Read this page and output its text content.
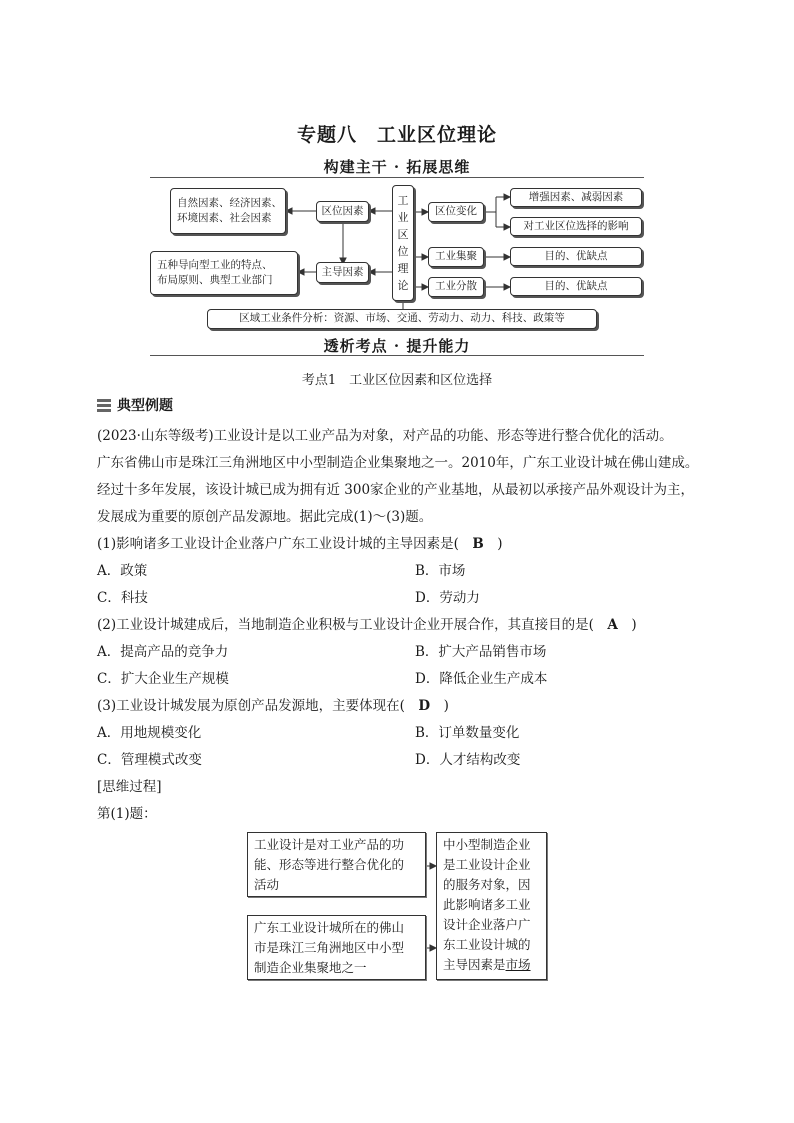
专题八　工业区位理论
构建主干 · 拓展思维
自然因素、经济因素、
环境因素、社会因素
区位因素
五种导向型工业的特点、
布局原则、典型工业部门
主导因素
工
业
区
位
理
论
区位变化
增强因素、减弱因素
对工业区位选择的影响
工业集聚	目的、优缺点
工业分散	目的、优缺点
区域工业条件分析：资源、市场、交通、劳动力、动力、科技、政策等
透析考点 · 提升能力
考点1　工业区位因素和区位选择
典型例题
(2023·山东等级考)工业设计是以工业产品为对象，对产品的功能、形态等进行整合优化的活动。
广东省佛山市是珠江三角洲地区中小型制造企业集聚地之一。2010年，广东工业设计城在佛山建成。
经过十多年发展，该设计城已成为拥有近 300家企业的产业基地，从最初以承接产品外观设计为主，
发展成为重要的原创产品发源地。据此完成(1)～(3)题。
(1)影响诸多工业设计企业落户广东工业设计城的主导因素是(　B　)
A．政策	B．市场
C．科技	D．劳动力
(2)工业设计城建成后，当地制造企业积极与工业设计企业开展合作，其直接目的是(　A　)
A．提高产品的竞争力	B．扩大产品销售市场
C．扩大企业生产规模	D．降低企业生产成本
(3)工业设计城发展为原创产品发源地，主要体现在(　D　)
A．用地规模变化	B．订单数量变化
C．管理模式改变	D．人才结构改变
[思维过程]
第(1)题：
工业设计是对工业产品的功
能、形态等进行整合优化的
活动
广东工业设计城所在的佛山
市是珠江三角洲地区中小型
制造企业集聚地之一
中小型制造企业
是工业设计企业
的服务对象，因
此影响诸多工业
设计企业落户广
东工业设计城的
主导因素是市场
